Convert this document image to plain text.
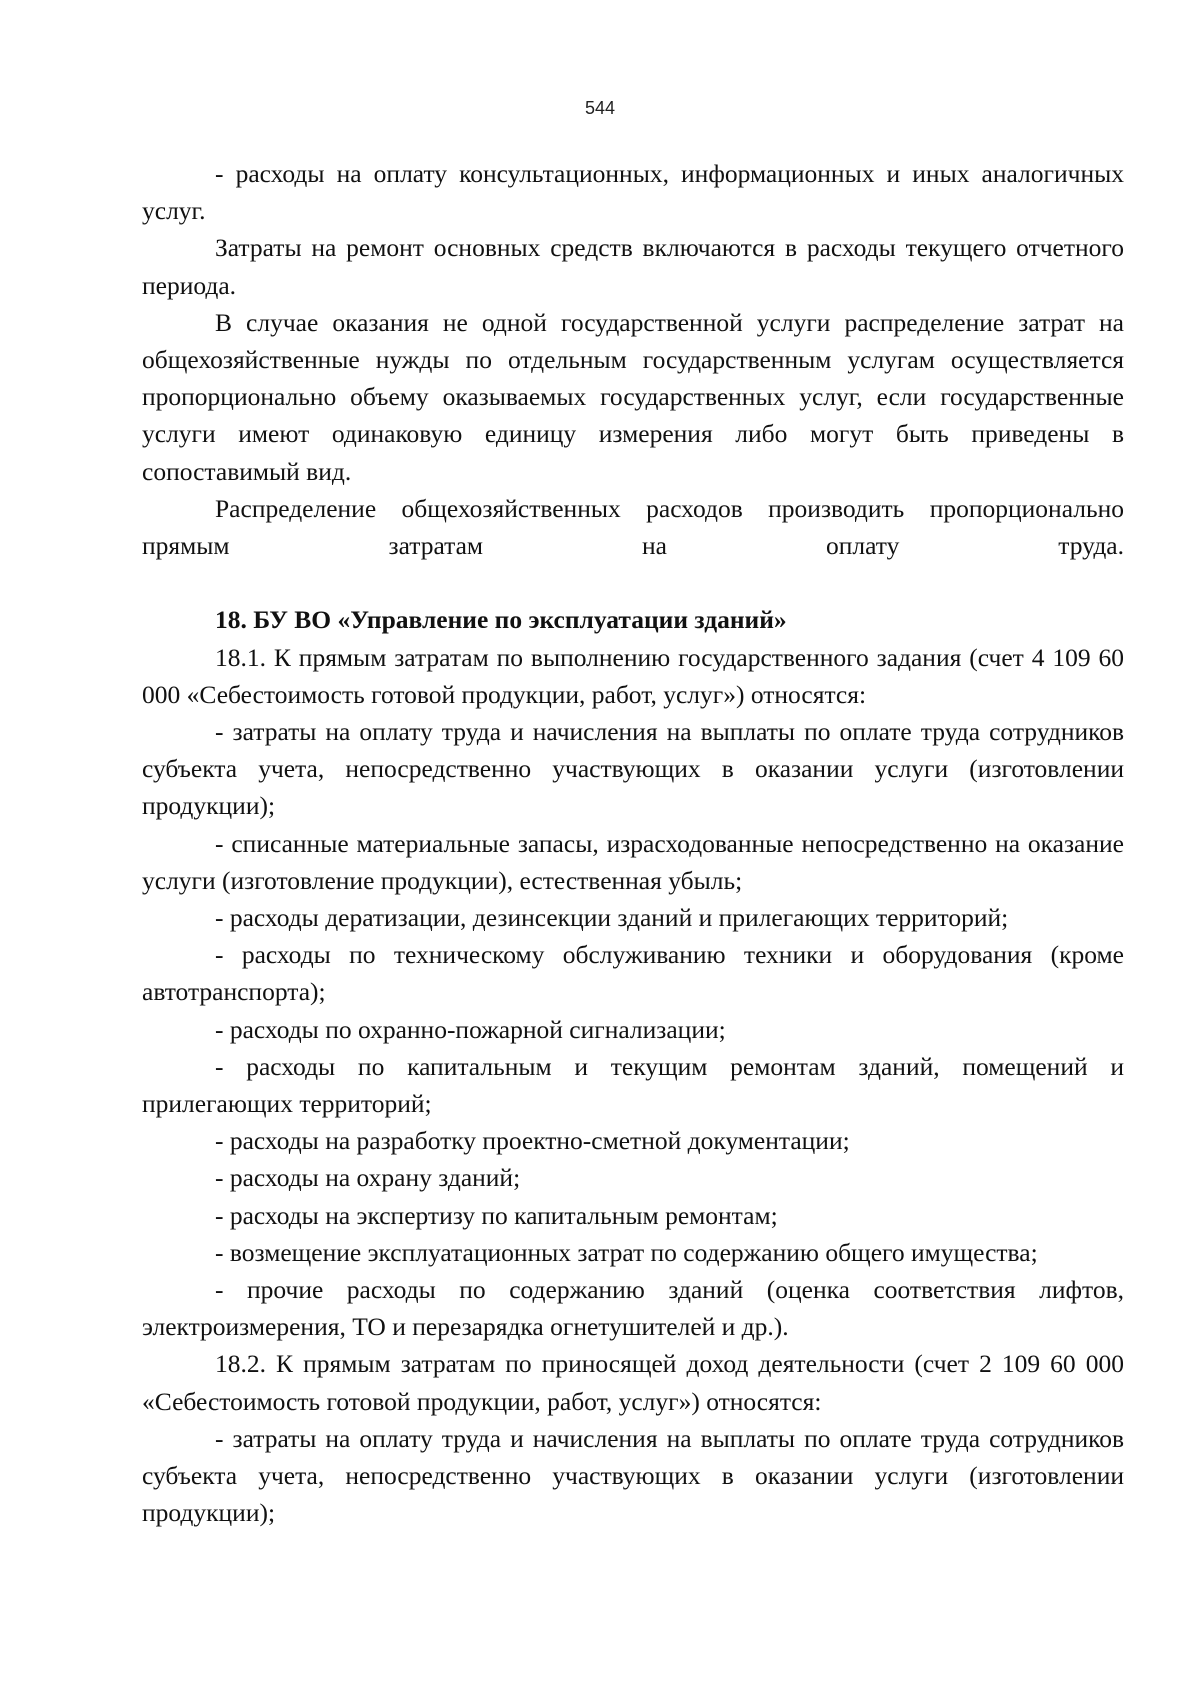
544

- расходы на оплату консультационных, информационных и иных аналогичных услуг.

Затраты на ремонт основных средств включаются в расходы текущего отчетного периода.

В случае оказания не одной государственной услуги распределение затрат на общехозяйственные нужды по отдельным государственным услугам осуществляется пропорционально объему оказываемых государственных услуг, если государственные услуги имеют одинаковую единицу измерения либо могут быть приведены в сопоставимый вид.

Распределение общехозяйственных расходов производить пропорционально прямым затратам на оплату труда.

18. БУ ВО «Управление по эксплуатации зданий»

18.1. К прямым затратам по выполнению государственного задания (счет 4 109 60 000 «Себестоимость готовой продукции, работ, услуг») относятся:

- затраты на оплату труда и начисления на выплаты по оплате труда сотрудников субъекта учета, непосредственно участвующих в оказании услуги (изготовлении продукции);

- списанные материальные запасы, израсходованные непосредственно на оказание услуги (изготовление продукции), естественная убыль;

- расходы дератизации, дезинсекции зданий и прилегающих территорий;

- расходы по техническому обслуживанию техники и оборудования (кроме автотранспорта);

- расходы по охранно-пожарной сигнализации;

- расходы по капитальным и текущим ремонтам зданий, помещений и прилегающих территорий;

- расходы на разработку проектно-сметной документации;

- расходы на охрану зданий;

- расходы на экспертизу по капитальным ремонтам;

- возмещение эксплуатационных затрат по содержанию общего имущества;

- прочие расходы по содержанию зданий (оценка соответствия лифтов, электроизмерения, ТО и перезарядка огнетушителей и др.).

18.2. К прямым затратам по приносящей доход деятельности (счет 2 109 60 000 «Себестоимость готовой продукции, работ, услуг») относятся:

- затраты на оплату труда и начисления на выплаты по оплате труда сотрудников субъекта учета, непосредственно участвующих в оказании услуги (изготовлении продукции);
